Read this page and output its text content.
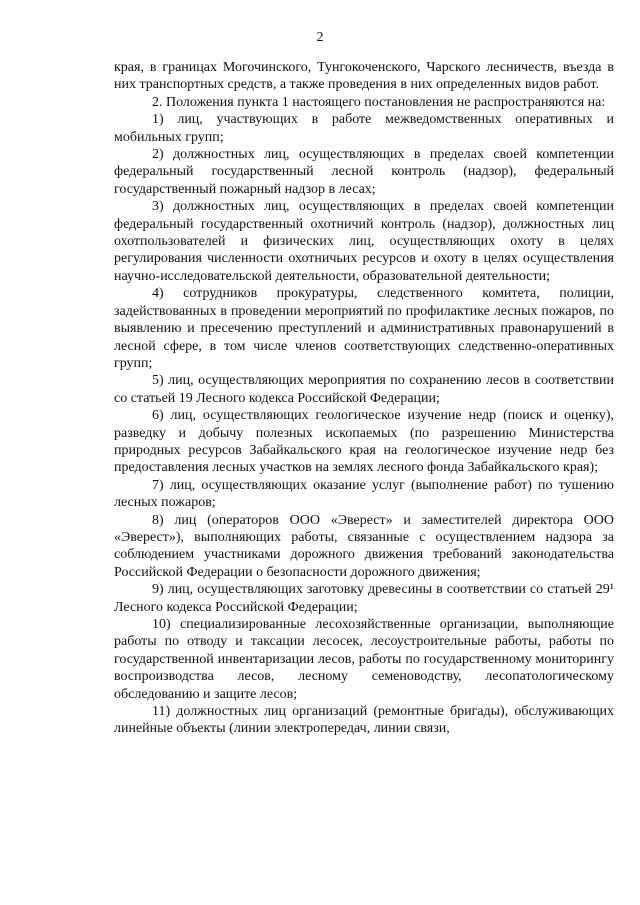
2

края, в границах Могочинского, Тунгокоченского, Чарского лесничеств, въезда в них транспортных средств, а также проведения в них определенных видов работ.

2. Положения пункта 1 настоящего постановления не распространяются на:

1) лиц, участвующих в работе межведомственных оперативных и мобильных групп;

2) должностных лиц, осуществляющих в пределах своей компетенции федеральный государственный лесной контроль (надзор), федеральный государственный пожарный надзор в лесах;

3) должностных лиц, осуществляющих в пределах своей компетенции федеральный государственный охотничий контроль (надзор), должностных лиц охотпользователей и физических лиц, осуществляющих охоту в целях регулирования численности охотничьих ресурсов и охоту в целях осуществления научно-исследовательской деятельности, образовательной деятельности;

4) сотрудников прокуратуры, следственного комитета, полиции, задействованных в проведении мероприятий по профилактике лесных пожаров, по выявлению и пресечению преступлений и административных правонарушений в лесной сфере, в том числе членов соответствующих следственно-оперативных групп;

5) лиц, осуществляющих мероприятия по сохранению лесов в соответствии со статьей 19 Лесного кодекса Российской Федерации;

6) лиц, осуществляющих геологическое изучение недр (поиск и оценку), разведку и добычу полезных ископаемых (по разрешению Министерства природных ресурсов Забайкальского края на геологическое изучение недр без предоставления лесных участков на землях лесного фонда Забайкальского края);

7) лиц, осуществляющих оказание услуг (выполнение работ) по тушению лесных пожаров;

8) лиц (операторов ООО «Эверест» и заместителей директора ООО «Эверест»), выполняющих работы, связанные с осуществлением надзора за соблюдением участниками дорожного движения требований законодательства Российской Федерации о безопасности дорожного движения;

9) лиц, осуществляющих заготовку древесины в соответствии со статьей 29¹ Лесного кодекса Российской Федерации;

10) специализированные лесохозяйственные организации, выполняющие работы по отводу и таксации лесосек, лесоустроительные работы, работы по государственной инвентаризации лесов, работы по государственному мониторингу воспроизводства лесов, лесному семеноводству, лесопатологическому обследованию и защите лесов;

11) должностных лиц организаций (ремонтные бригады), обслуживающих линейные объекты (линии электропередач, линии связи,
